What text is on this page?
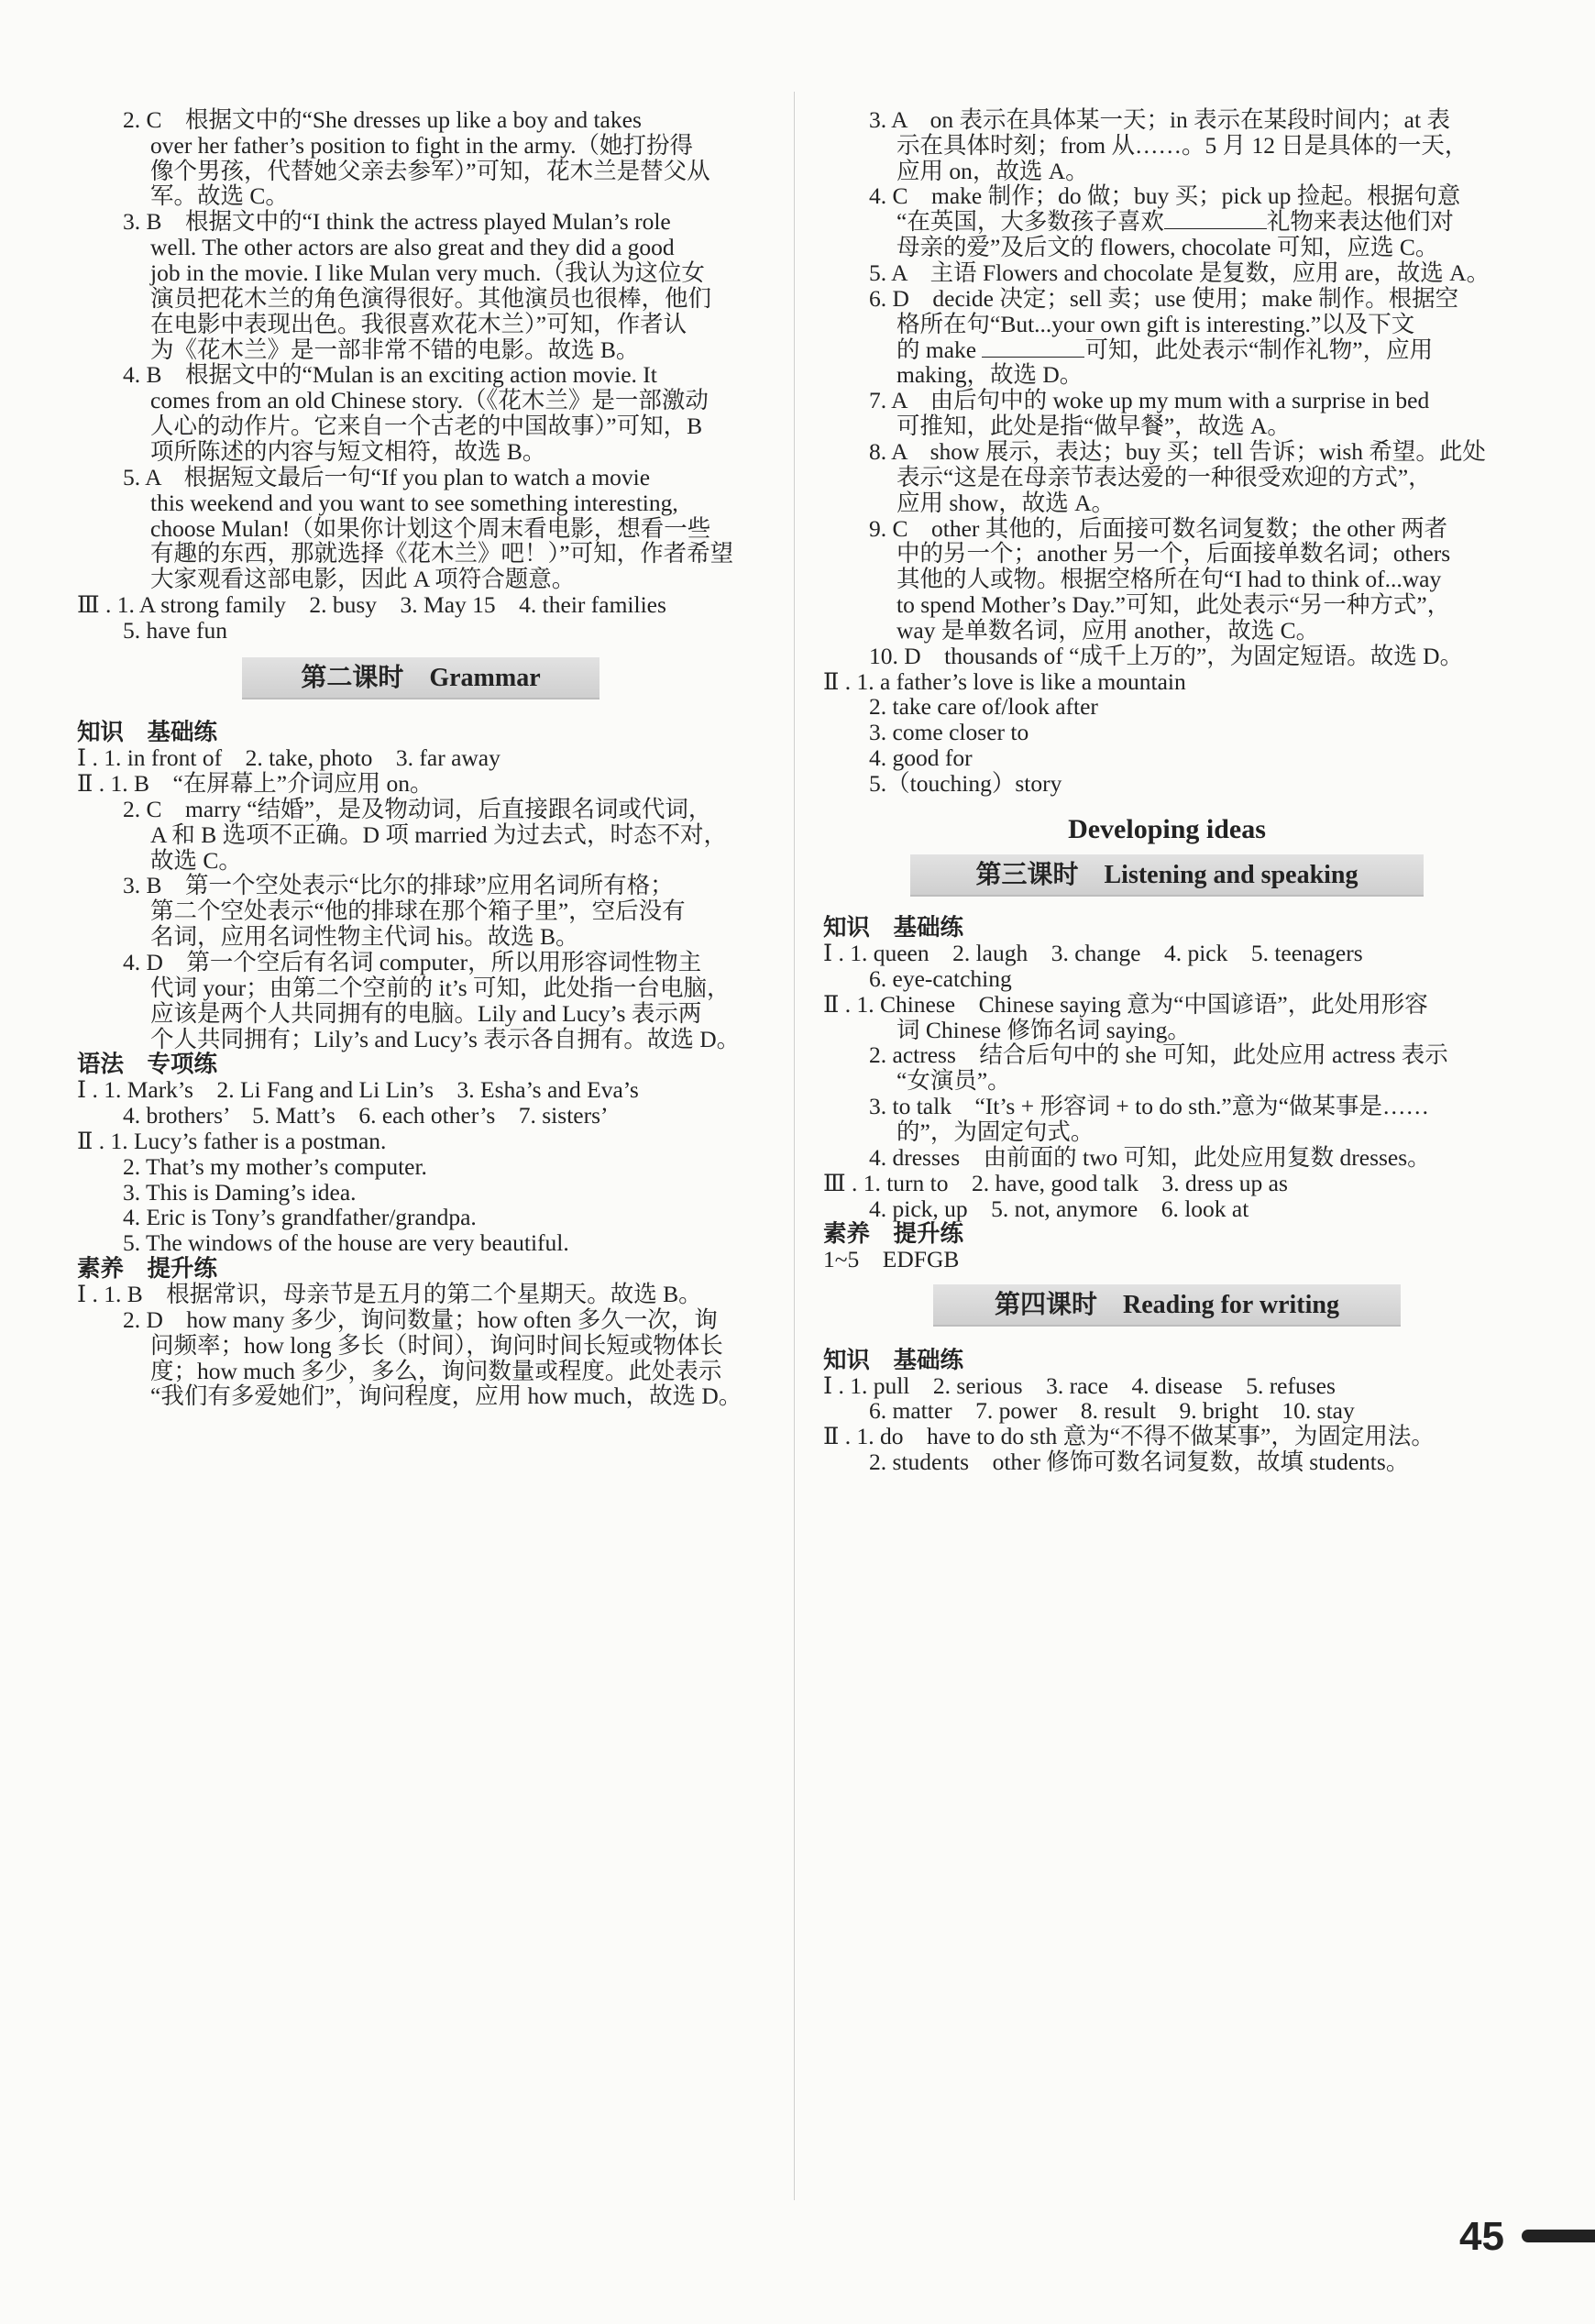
2. C　根据文中的“She dresses up like a boy and takes
over her father’s position to fight in the army.（她打扮得
像个男孩，代替她父亲去参军）”可知，花木兰是替父从
军。故选 C。
3. B　根据文中的“I think the actress played Mulan’s role
well. The other actors are also great and they did a good
job in the movie. I like Mulan very much.（我认为这位女
演员把花木兰的角色演得很好。其他演员也很棒，他们
在电影中表现出色。我很喜欢花木兰）”可知，作者认
为《花木兰》是一部非常不错的电影。故选 B。
4. B　根据文中的“Mulan is an exciting action movie. It
comes from an old Chinese story.（《花木兰》是一部激动
人心的动作片。它来自一个古老的中国故事）”可知，B
项所陈述的内容与短文相符，故选 B。
5. A　根据短文最后一句“If you plan to watch a movie
this weekend and you want to see something interesting,
choose Mulan!（如果你计划这个周末看电影，想看一些
有趣的东西，那就选择《花木兰》吧！）”可知，作者希望
大家观看这部电影，因此 A 项符合题意。
Ⅲ . 1. A strong family　2. busy　3. May 15　4. their families
5. have fun
第二课时　Grammar
知识　基础练
Ⅰ . 1. in front of　2. take, photo　3. far away
Ⅱ . 1. B　“在屏幕上”介词应用 on。
2. C　marry “结婚”，是及物动词，后直接跟名词或代词，
A 和 B 选项不正确。D 项 married 为过去式，时态不对，
故选 C。
3. B　第一个空处表示“比尔的排球”应用名词所有格；
第二个空处表示“他的排球在那个箱子里”，空后没有
名词，应用名词性物主代词 his。故选 B。
4. D　第一个空后有名词 computer，所以用形容词性物主
代词 your；由第二个空前的 it’s 可知，此处指一台电脑，
应该是两个人共同拥有的电脑。Lily and Lucy’s 表示两
个人共同拥有；Lily’s and Lucy’s 表示各自拥有。故选 D。
语法　专项练
Ⅰ . 1. Mark’s　2. Li Fang and Li Lin’s　3. Esha’s and Eva’s
4. brothers’　5. Matt’s　6. each other’s　7. sisters’
Ⅱ . 1. Lucy’s father is a postman.
2. That’s my mother’s computer.
3. This is Daming’s idea.
4. Eric is Tony’s grandfather/grandpa.
5. The windows of the house are very beautiful.
素养　提升练
Ⅰ . 1. B　根据常识，母亲节是五月的第二个星期天。故选 B。
2. D　how many 多少，询问数量；how often 多久一次，询
问频率；how long 多长（时间），询问时间长短或物体长
度；how much 多少，多么，询问数量或程度。此处表示
“我们有多爱她们”，询问程度，应用 how much，故选 D。
3. A　on 表示在具体某一天；in 表示在某段时间内；at 表
示在具体时刻；from 从……。5 月 12 日是具体的一天，
应用 on，故选 A。
4. C　make 制作；do 做；buy 买；pick up 捡起。根据句意
“在英国，大多数孩子喜欢	礼物来表达他们对
母亲的爱”及后文的 flowers, chocolate 可知，应选 C。
5. A　主语 Flowers and chocolate 是复数，应用 are，故选 A。
6. D　decide 决定；sell 卖；use 使用；make 制作。根据空
格所在句“But...your own gift is interesting.”以及下文
的 make	可知，此处表示“制作礼物”，应用
making，故选 D。
7. A　由后句中的 woke up my mum with a surprise in bed
可推知，此处是指“做早餐”，故选 A。
8. A　show 展示，表达；buy 买；tell 告诉；wish 希望。此处
表示“这是在母亲节表达爱的一种很受欢迎的方式”，
应用 show，故选 A。
9. C　other 其他的，后面接可数名词复数；the other 两者
中的另一个；another 另一个，后面接单数名词；others
其他的人或物。根据空格所在句“I had to think of...way
to spend Mother’s Day.”可知，此处表示“另一种方式”，
way 是单数名词，应用 another，故选 C。
10. D　thousands of “成千上万的”，为固定短语。故选 D。
Ⅱ . 1. a father’s love is like a mountain
2. take care of/look after
3. come closer to
4. good for
5.（touching）story
Developing ideas
第三课时　Listening and speaking
知识　基础练
Ⅰ . 1. queen　2. laugh　3. change　4. pick　5. teenagers
6. eye-catching
Ⅱ . 1. Chinese　Chinese saying 意为“中国谚语”，此处用形容
词 Chinese 修饰名词 saying。
2. actress　结合后句中的 she 可知，此处应用 actress 表示
“女演员”。
3. to talk　“It’s + 形容词 + to do sth.”意为“做某事是……
的”，为固定句式。
4. dresses　由前面的 two 可知，此处应用复数 dresses。
Ⅲ . 1. turn to　2. have, good talk　3. dress up as
4. pick, up　5. not, anymore　6. look at
素养　提升练
1~5　EDFGB
第四课时　Reading for writing
知识　基础练
Ⅰ . 1. pull　2. serious　3. race　4. disease　5. refuses
6. matter　7. power　8. result　9. bright　10. stay
Ⅱ . 1. do　have to do sth 意为“不得不做某事”，为固定用法。
2. students　other 修饰可数名词复数，故填 students。
45
